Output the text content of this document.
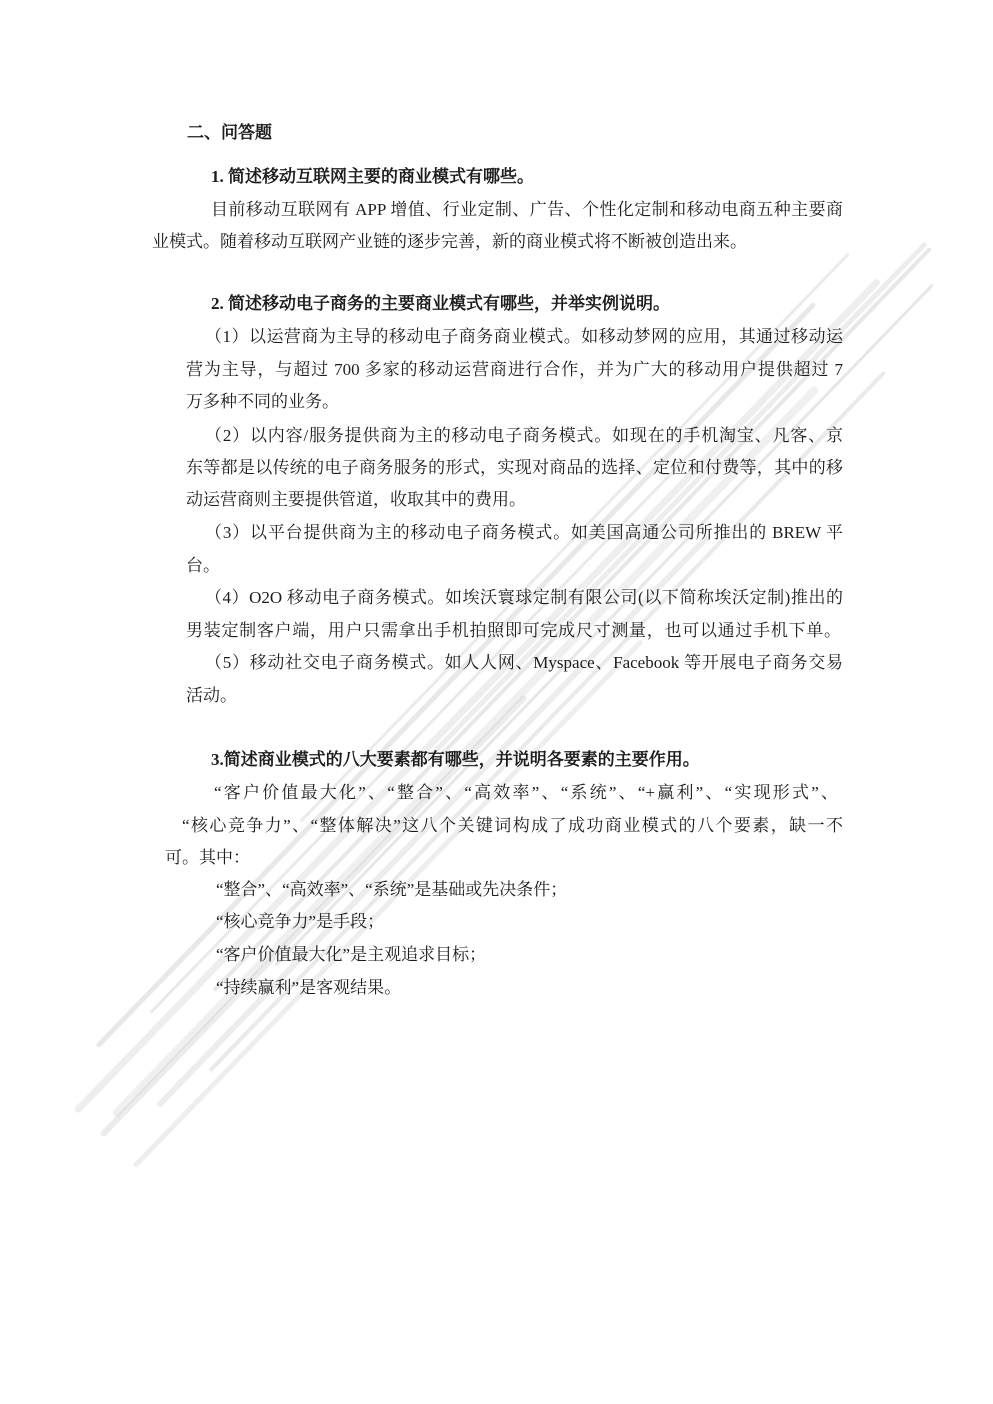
二、问答题
1. 简述移动互联网主要的商业模式有哪些。
目前移动互联网有 APP 增值、行业定制、广告、个性化定制和移动电商五种主要商
业模式。随着移动互联网产业链的逐步完善，新的商业模式将不断被创造出来。
2. 简述移动电子商务的主要商业模式有哪些，并举实例说明。
（1）以运营商为主导的移动电子商务商业模式。如移动梦网的应用，其通过移动运
营为主导，与超过 700 多家的移动运营商进行合作，并为广大的移动用户提供超过 7
万多种不同的业务。
（2）以内容/服务提供商为主的移动电子商务模式。如现在的手机淘宝、凡客、京
东等都是以传统的电子商务服务的形式，实现对商品的选择、定位和付费等，其中的移
动运营商则主要提供管道，收取其中的费用。
（3）以平台提供商为主的移动电子商务模式。如美国高通公司所推出的 BREW 平
台。
（4）O2O 移动电子商务模式。如埃沃寰球定制有限公司(以下简称埃沃定制)推出的
男装定制客户端，用户只需拿出手机拍照即可完成尺寸测量，也可以通过手机下单。
（5）移动社交电子商务模式。如人人网、Myspace、Facebook 等开展电子商务交易
活动。
3.简述商业模式的八大要素都有哪些，并说明各要素的主要作用。
“客户价值最大化”、“整合”、“高效率”、“系统”、“+赢利”、“实现形式”、
“核心竞争力”、“整体解决”这八个关键词构成了成功商业模式的八个要素，缺一不
可。其中：
“整合”、“高效率”、“系统”是基础或先决条件；
“核心竞争力”是手段；
“客户价值最大化”是主观追求目标；
“持续赢利”是客观结果。
